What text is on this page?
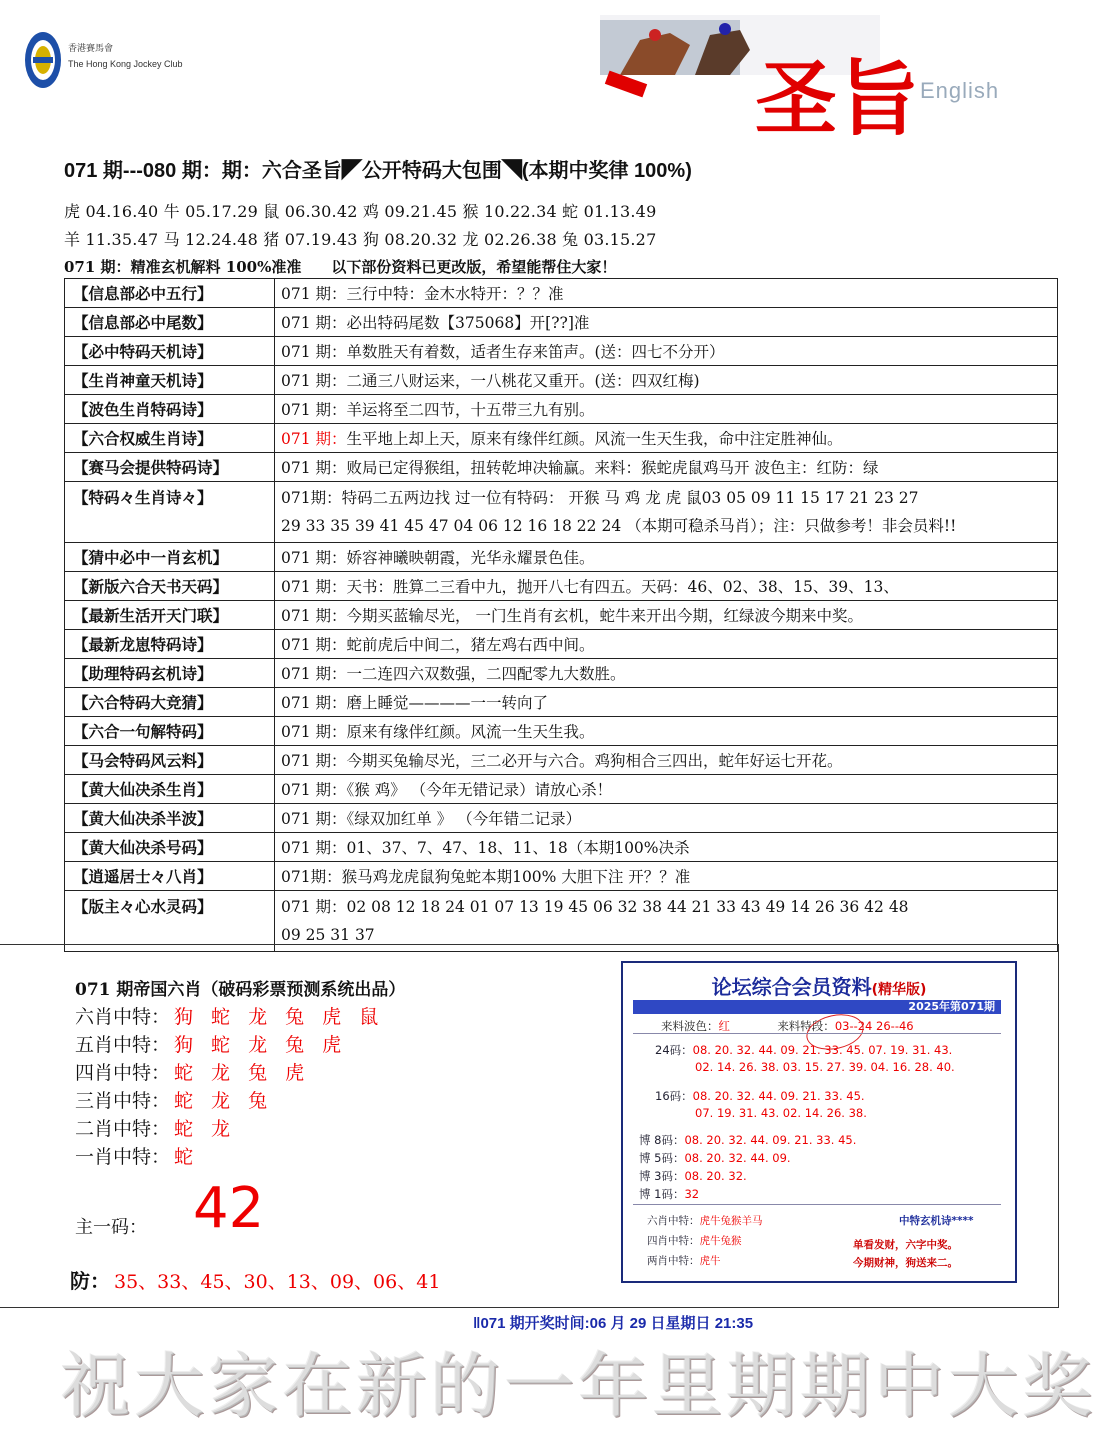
香港賽馬會
The Hong Kong Jockey Club	圣旨 English
071 期---080 期：期：六合圣旨◤公开特码大包围◥(本期中奖律 100%)
虎 04.16.40 牛 05.17.29 鼠 06.30.42 鸡 09.21.45 猴 10.22.34 蛇 01.13.49
羊 11.35.47 马 12.24.48 猪 07.19.43 狗 08.20.32 龙 02.26.38 兔 03.15.27
071 期：精准玄机解料 100%准准 以下部份资料已更改版，希望能帮住大家！
【信息部必中五行】	071 期：三行中特：金木水特开：？？准
【信息部必中尾数】	071 期：必出特码尾数【375068】开[??]准
【必中特码天机诗】	071 期：单数胜天有着数，适者生存来笛声。(送：四七不分开）
【生肖神童天机诗】	071 期：二通三八财运来，一八桃花又重开。(送：四双红梅)
【波色生肖特码诗】	071 期：羊运将至二四节，十五带三九有别。
【六合权威生肖诗】	071 期：生平地上却上天，原来有缘伴红颜。风流一生天生我，命中注定胜神仙。
【赛马会提供特码诗】	071 期：败局已定得猴组，扭转乾坤决输赢。来料：猴蛇虎鼠鸡马开 波色主：红防：绿
【特码々生肖诗々】	071期：特码二五两边找 过一位有特码： 开猴 马 鸡 龙 虎 鼠03 05 09 11 15 17 21 23 27
29 33 35 39 41 45 47 04 06 12 16 18 22 24 （本期可稳杀马肖）；注：只做参考！非会员料!!

【猜中必中一肖玄机】	071 期：娇容神曦映朝霞，光华永耀景色佳。
【新版六合天书天码】	071 期：天书：胜算二三看中九，抛开八七有四五。天码：46、02、38、15、39、13、
【最新生活开天门联】	071 期：今期买蓝输尽光， 一门生肖有玄机，蛇牛来开出今期，红绿波今期来中奖。
【最新龙崽特码诗】	071 期：蛇前虎后中间二，猪左鸡右西中间。
【助理特码玄机诗】	071 期：一二连四六双数强，二四配零九大数胜。
【六合特码大竞猜】	071 期：磨上睡觉————一一转向了
【六合一句解特码】	071 期：原来有缘伴红颜。风流一生天生我。
【马会特码风云料】	071 期：今期买兔输尽光，三二必开与六合。鸡狗相合三四出，蛇年好运七开花。
【黄大仙决杀生肖】	071 期：《猴 鸡》 （今年无错记录）请放心杀！
【黄大仙决杀半波】	071 期：《绿双加红单 》 （今年错二记录）
【黄大仙决杀号码】	071 期：01、37、7、47、18、11、18（本期100%决杀
【逍遥居士々八肖】	071期：猴马鸡龙虎鼠狗兔蛇本期100% 大胆下注 开？？准
【版主々心水灵码】	071 期：02 08 12 18 24 01 07 13 19 45 06 32 38 44 21 33 43 49 14 26 36 42 48
09 25 31 37
071 期帝国六肖（破码彩票预测系统出品）
六肖中特： 狗 蛇 龙 兔 虎 鼠
五肖中特： 狗 蛇 龙 兔 虎
四肖中特： 蛇 龙 兔 虎
三肖中特： 蛇 龙 兔
二肖中特： 蛇 龙
一肖中特： 蛇
主一码： 42
防： 35、33、45、30、13、09、06、41
论坛综合会员资料(精华版)
2025年第071期
来料波色：红	来料特段：03--24 26--46
24码：08. 20. 32. 44. 09. 21. 33. 45. 07. 19. 31. 43.
02. 14. 26. 38. 03. 15. 27. 39. 04. 16. 28. 40.
16码：08. 20. 32. 44. 09. 21. 33. 45.
07. 19. 31. 43. 02. 14. 26. 38.
博 8码：08. 20. 32. 44. 09. 21. 33. 45.
博 5码：08. 20. 32. 44. 09.
博 3码：08. 20. 32.
博 1码：32
六肖中特：虎牛兔猴羊马
四肖中特：虎牛兔猴
两肖中特：虎牛
中特玄机诗****
单看发财，六字中奖。
今期财神，狗送来二。
‖071 期开奖时间:06 月 29 日星期日 21:35
祝大家在新的一年里期期中大奖
